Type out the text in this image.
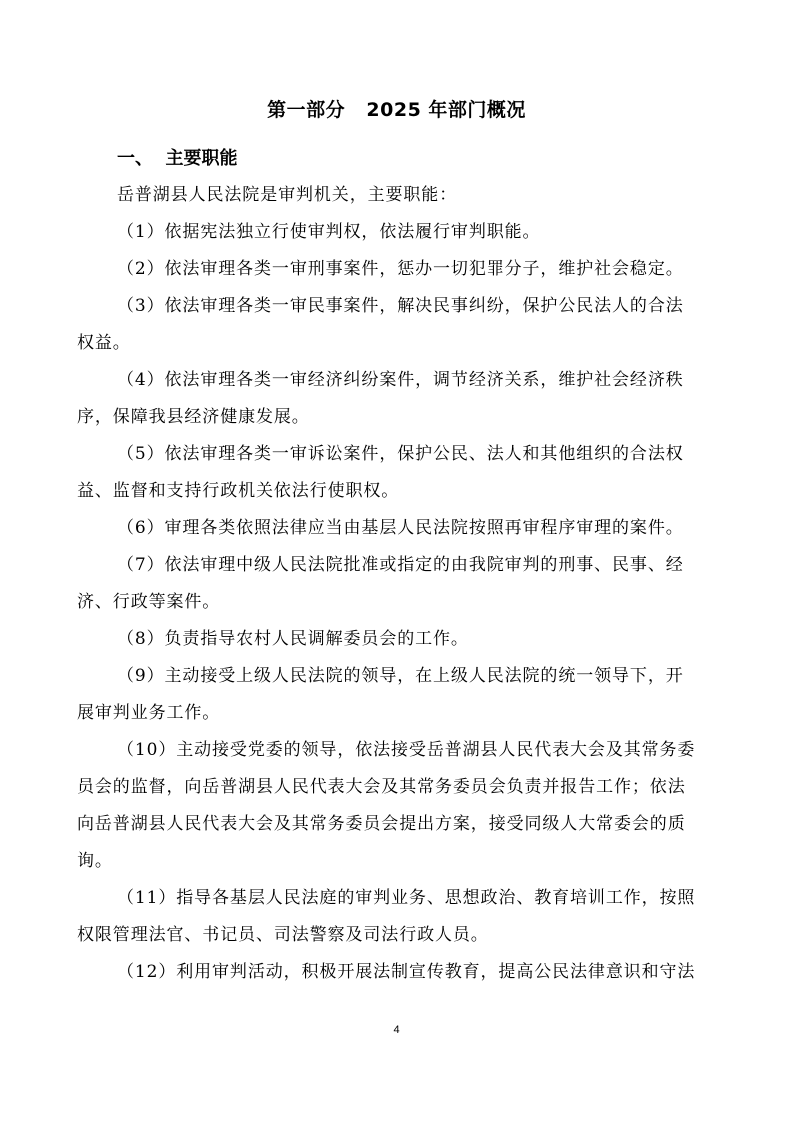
第一部分   2025 年部门概况
一、  主要职能
岳普湖县人民法院是审判机关，主要职能：
（1）依据宪法独立行使审判权，依法履行审判职能。
（2）依法审理各类一审刑事案件，惩办一切犯罪分子，维护社会稳定。
（3）依法审理各类一审民事案件，解决民事纠纷，保护公民法人的合法
权益。
（4）依法审理各类一审经济纠纷案件，调节经济关系，维护社会经济秩
序，保障我县经济健康发展。
（5）依法审理各类一审诉讼案件，保护公民、法人和其他组织的合法权
益、监督和支持行政机关依法行使职权。
（6）审理各类依照法律应当由基层人民法院按照再审程序审理的案件。
（7）依法审理中级人民法院批准或指定的由我院审判的刑事、民事、经
济、行政等案件。
（8）负责指导农村人民调解委员会的工作。
（9）主动接受上级人民法院的领导，在上级人民法院的统一领导下，开
展审判业务工作。
（10）主动接受党委的领导，依法接受岳普湖县人民代表大会及其常务委
员会的监督，向岳普湖县人民代表大会及其常务委员会负责并报告工作；依法
向岳普湖县人民代表大会及其常务委员会提出方案，接受同级人大常委会的质
询。
（11）指导各基层人民法庭的审判业务、思想政治、教育培训工作，按照
权限管理法官、书记员、司法警察及司法行政人员。
（12）利用审判活动，积极开展法制宣传教育，提高公民法律意识和守法
4
